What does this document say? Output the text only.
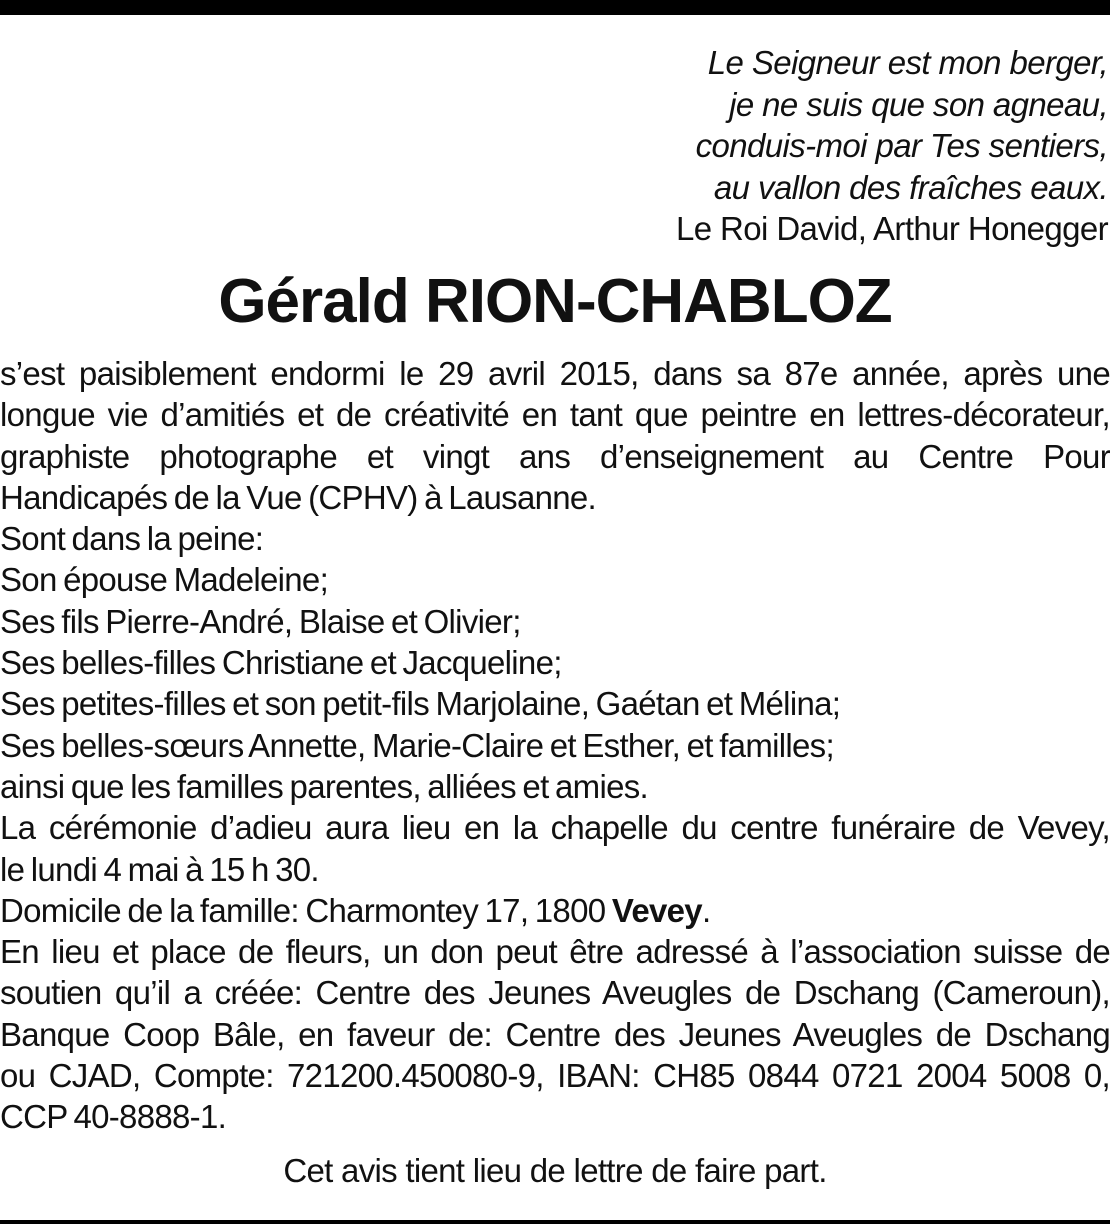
Le Seigneur est mon berger,
je ne suis que son agneau,
conduis-moi par Tes sentiers,
au vallon des fraîches eaux.
Le Roi David, Arthur Honegger
Gérald RION-CHABLOZ
s’est paisiblement endormi le 29 avril 2015, dans sa 87e année, après une
longue vie d’amitiés et de créativité en tant que peintre en lettres-décorateur,
graphiste photographe et vingt ans d’enseignement au Centre Pour
Handicapés de la Vue (CPHV) à Lausanne.
Sont dans la peine:
Son épouse Madeleine;
Ses fils Pierre-André, Blaise et Olivier;
Ses belles-filles Christiane et Jacqueline;
Ses petites-filles et son petit-fils Marjolaine, Gaétan et Mélina;
Ses belles-sœurs Annette, Marie-Claire et Esther, et familles;
ainsi que les familles parentes, alliées et amies.
La cérémonie d’adieu aura lieu en la chapelle du centre funéraire de Vevey,
le lundi 4 mai à 15 h 30.
Domicile de la famille: Charmontey 17, 1800 Vevey.
En lieu et place de fleurs, un don peut être adressé à l’association suisse de
soutien qu’il a créée: Centre des Jeunes Aveugles de Dschang (Cameroun),
Banque Coop Bâle, en faveur de: Centre des Jeunes Aveugles de Dschang
ou CJAD, Compte: 721200.450080-9, IBAN: CH85 0844 0721 2004 5008 0,
CCP 40-8888-1.
Cet avis tient lieu de lettre de faire part.
